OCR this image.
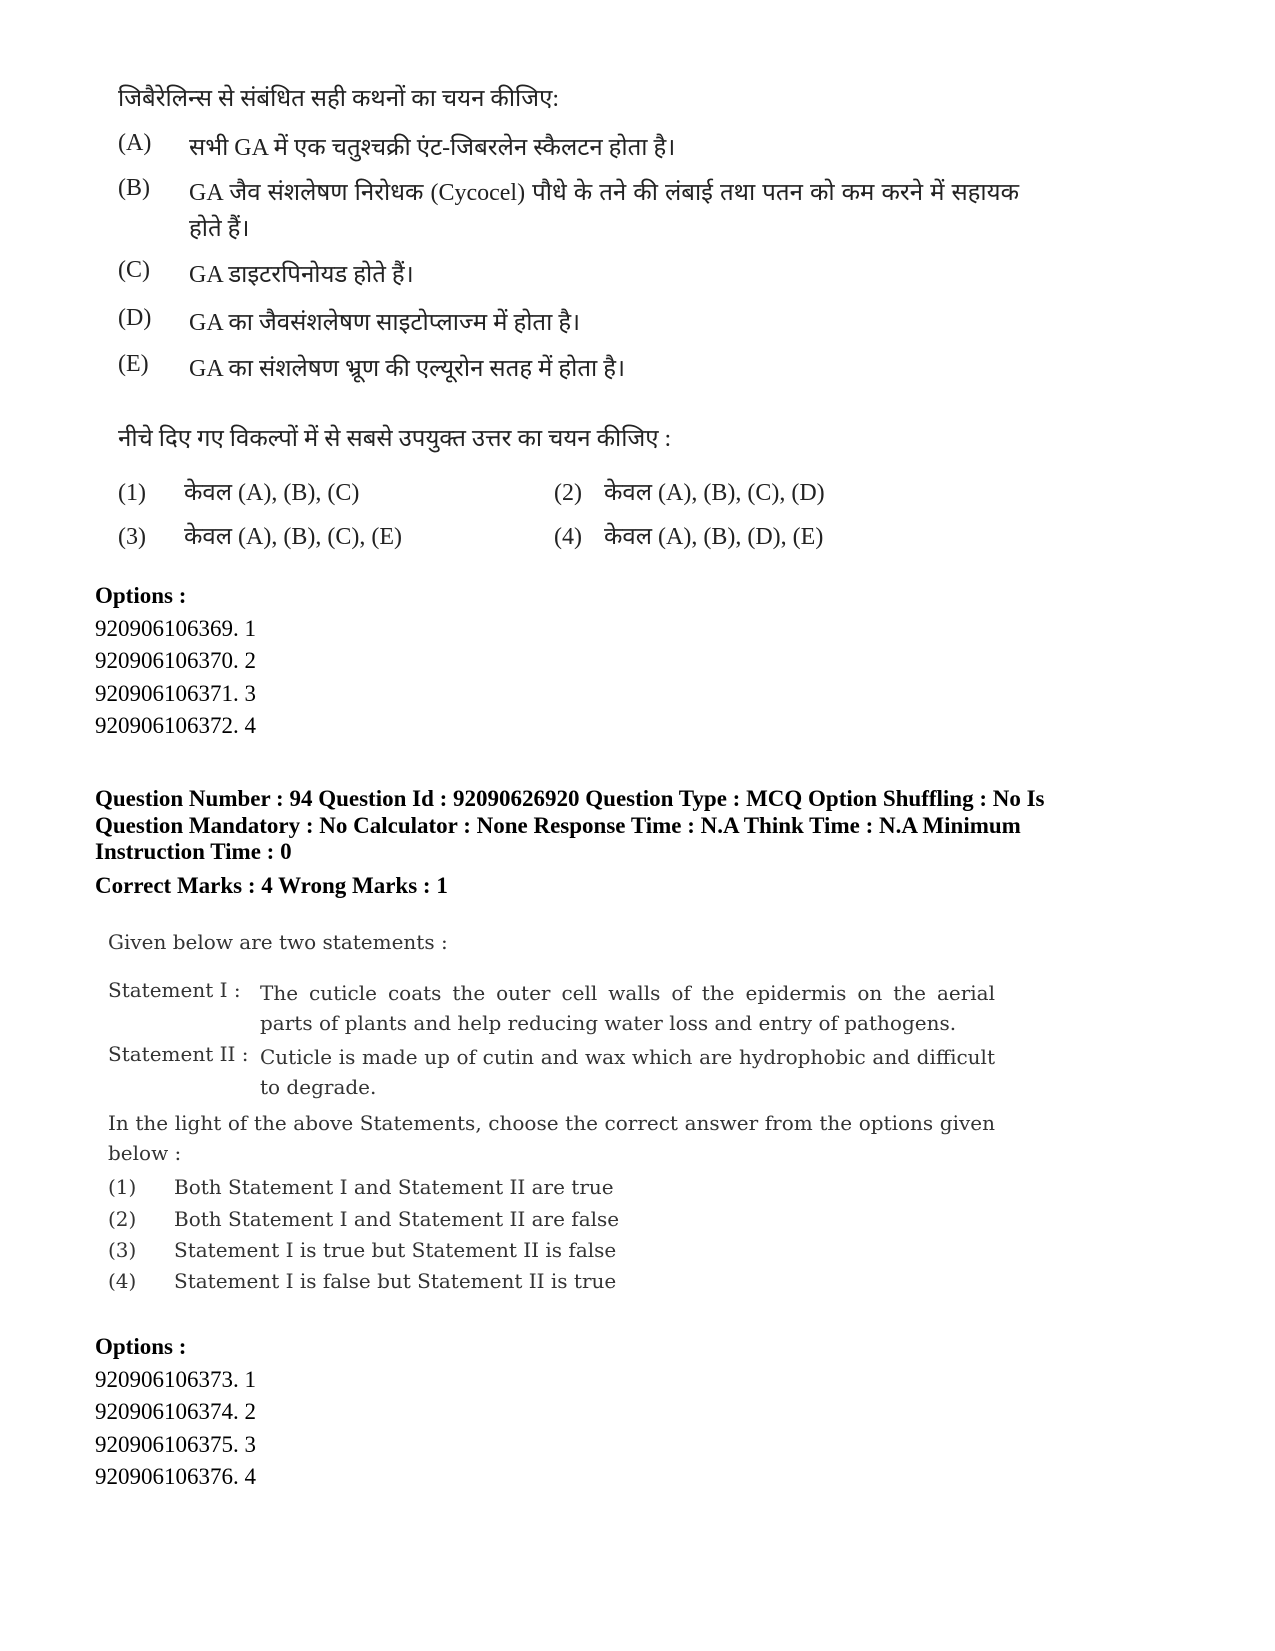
जिबैरेलिन्स से संबंधित सही कथनों का चयन कीजिए:
(A)	सभी GA में एक चतुश्चक्री एंट-जिबरलेन स्कैलटन होता है।
(B)	GA जैव संशलेषण निरोधक (Cycocel) पौधे के तने की लंबाई तथा पतन को कम करने में सहायक होते हैं।
(C)	GA डाइटरपिनोयड होते हैं।
(D)	GA का जैवसंशलेषण साइटोप्लाज्म में होता है।
(E)	GA का संशलेषण भ्रूण की एल्यूरोन सतह में होता है।
नीचे दिए गए विकल्पों में से सबसे उपयुक्त उत्तर का चयन कीजिए :
(1) केवल (A), (B), (C)	(2) केवल (A), (B), (C), (D)
(3) केवल (A), (B), (C), (E)	(4) केवल (A), (B), (D), (E)
Options :
920906106369. 1
920906106370. 2
920906106371. 3
920906106372. 4
Question Number : 94 Question Id : 92090626920 Question Type : MCQ Option Shuffling : No Is Question Mandatory : No Calculator : None Response Time : N.A Think Time : N.A Minimum Instruction Time : 0
Correct Marks : 4 Wrong Marks : 1
Given below are two statements :
Statement I : The cuticle coats the outer cell walls of the epidermis on the aerial parts of plants and help reducing water loss and entry of pathogens.
Statement II : Cuticle is made up of cutin and wax which are hydrophobic and difficult to degrade.
In the light of the above Statements, choose the correct answer from the options given below :
(1) Both Statement I and Statement II are true
(2) Both Statement I and Statement II are false
(3) Statement I is true but Statement II is false
(4) Statement I is false but Statement II is true
Options :
920906106373. 1
920906106374. 2
920906106375. 3
920906106376. 4
